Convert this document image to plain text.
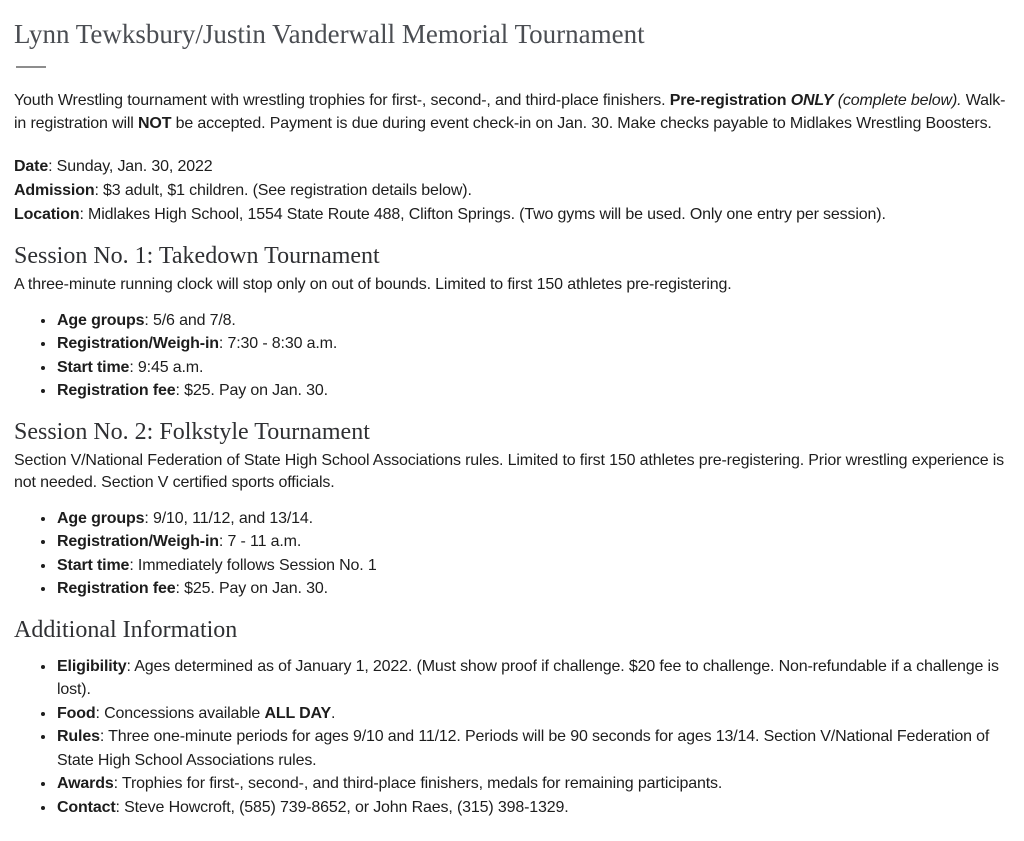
Lynn Tewksbury/Justin Vanderwall Memorial Tournament

Youth Wrestling tournament with wrestling trophies for first-, second-, and third-place finishers. Pre-registration ONLY (complete below). Walk-in registration will NOT be accepted. Payment is due during event check-in on Jan. 30. Make checks payable to Midlakes Wrestling Boosters.

Date: Sunday, Jan. 30, 2022

Admission: $3 adult, $1 children. (See registration details below).

Location: Midlakes High School, 1554 State Route 488, Clifton Springs. (Two gyms will be used. Only one entry per session).

Session No. 1: Takedown Tournament

A three-minute running clock will stop only on out of bounds. Limited to first 150 athletes pre-registering.

• Age groups: 5/6 and 7/8.
• Registration/Weigh-in: 7:30 - 8:30 a.m.
• Start time: 9:45 a.m.
• Registration fee: $25. Pay on Jan. 30.
Session No. 2: Folkstyle Tournament

Section V/National Federation of State High School Associations rules. Limited to first 150 athletes pre-registering. Prior wrestling experience is not needed. Section V certified sports officials.

• Age groups: 9/10, 11/12, and 13/14.
• Registration/Weigh-in: 7 - 11 a.m.
• Start time: Immediately follows Session No. 1
• Registration fee: $25. Pay on Jan. 30.
Additional Information
• Eligibility: Ages determined as of January 1, 2022. (Must show proof if challenge. $20 fee to challenge. Non-refundable if a challenge is lost).
• Food: Concessions available ALL DAY.
• Rules: Three one-minute periods for ages 9/10 and 11/12. Periods will be 90 seconds for ages 13/14. Section V/National Federation of State High School Associations rules.
• Awards: Trophies for first-, second-, and third-place finishers, medals for remaining participants.
• Contact: Steve Howcroft, (585) 739-8652, or John Raes, (315) 398-1329.
